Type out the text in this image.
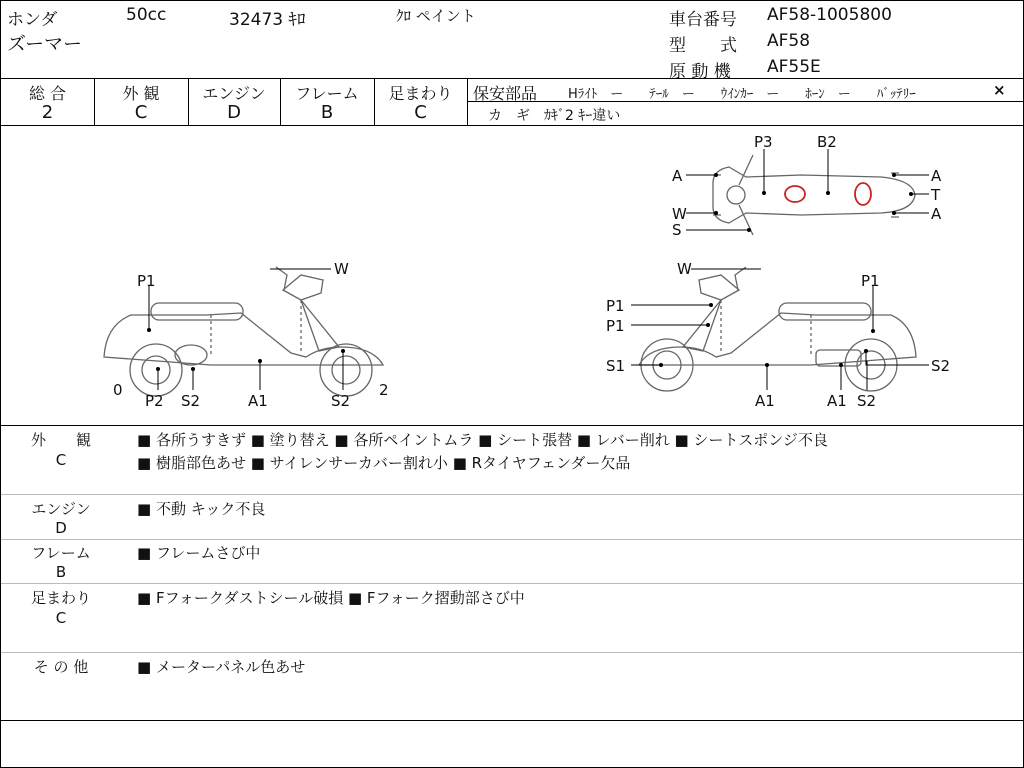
ホンダ	50cc	32473 ｷﾛ	ｸﾛ ペイント
ズーマー
車台番号 AF58-1005800
型　　式 AF58
原 動 機 AF55E
総 合
2
外 観
C
エンジン
D
フレーム
B
足まわり
C
保安部品 Hﾗｲﾄ　ー　　ﾃｰﾙ　ー　　ｳｲﾝｶｰ　ー　　ﾎｰﾝ　ー　　ﾊﾞｯﾃﾘｰ	×
カ　ギ　ｶｷﾞ2 ｷｰ違い
P1
W
0
P2 S2	A1	S2
2
P3	B2
A	A
T
W	A
S
W
P1
P1
P1
S1	S2
A1	A1 S2
外　　観
C
■ 各所うすきず ■ 塗り替え ■ 各所ペイントムラ ■ シート張替 ■ レバー削れ ■ シートスポンジ不良
■ 樹脂部色あせ ■ サイレンサーカバー割れ小 ■ Rタイヤフェンダー欠品
エンジン
D
■ 不動 キック不良
フレーム
B
■ フレームさび中
足まわり
C
■ Fフォークダストシール破損 ■ Fフォーク摺動部さび中
そ の 他	■ メーターパネル色あせ
